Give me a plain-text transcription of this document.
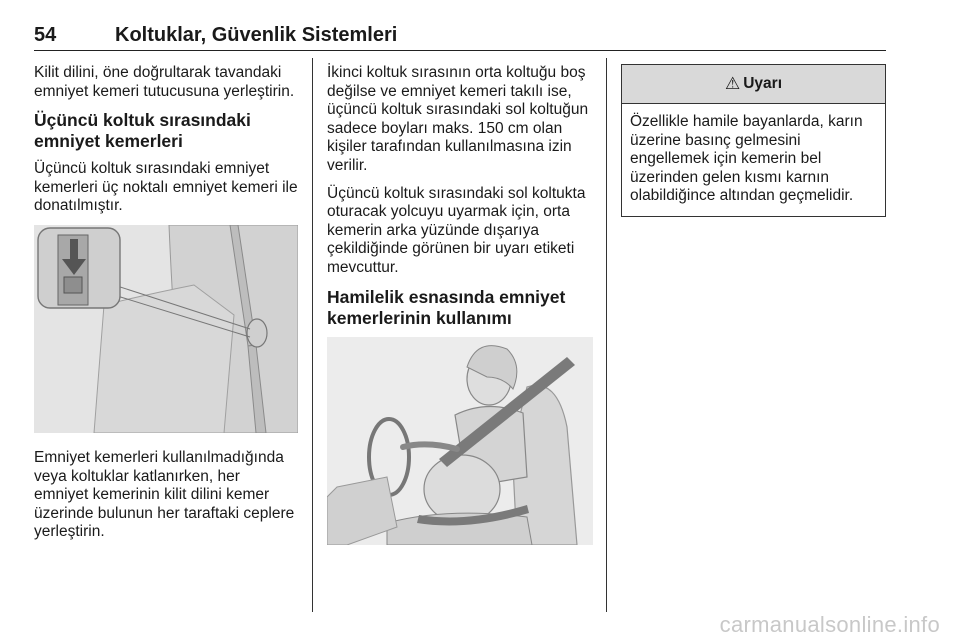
54	Koltuklar, Güvenlik Sistemleri

Kilit dilini, öne doğrultarak tavandaki emniyet kemeri tutucusuna yerleştirin.

Üçüncü koltuk sırasındaki emniyet kemerleri

Üçüncü koltuk sırasındaki emniyet kemerleri üç noktalı emniyet kemeri ile donatılmıştır.

Emniyet kemerleri kullanılmadığında veya koltuklar katlanırken, her emniyet kemerinin kilit dilini kemer üzerinde bulunun her taraftaki ceplere yerleştirin.

İkinci koltuk sırasının orta koltuğu boş değilse ve emniyet kemeri takılı ise, üçüncü koltuk sırasındaki sol koltuğun sadece boyları maks. 150 cm olan kişiler tarafından kullanılmasına izin verilir.

Üçüncü koltuk sırasındaki sol koltukta oturacak yolcuyu uyarmak için, orta kemerin arka yüzünde dışarıya çekildiğinde görünen bir uyarı etiketi mevcuttur.

Hamilelik esnasında emniyet kemerlerinin kullanımı
⚠ Uyarı
Özellikle hamile bayanlarda, karın üzerine basınç gelmesini engellemek için kemerin bel üzerinden gelen kısmı karnın olabildiğince altından geçmelidir.
carmanualsonline.info
